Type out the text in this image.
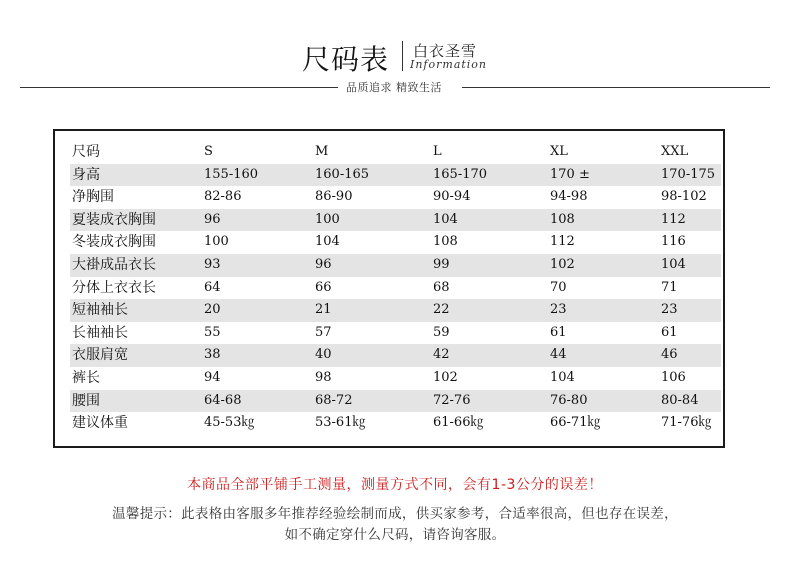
尺码表 白衣圣雪
Information
品质追求 精致生活
尺码	S	M	L	XL	XXL
身高	155-160	160-165	165-170	170 ±	170-175
净胸围	82-86	86-90	90-94	94-98	98-102
夏装成衣胸围	96	100	104	108	112
冬装成衣胸围	100	104	108	112	116
大褂成品衣长	93	96	99	102	104
分体上衣衣长	64	66	68	70	71
短袖袖长	20	21	22	23	23
长袖袖长	55	57	59	61	61
衣服肩宽	38	40	42	44	46
裤长	94	98	102	104	106
腰围	64-68	68-72	72-76	76-80	80-84
建议体重	45-53㎏	53-61㎏	61-66㎏	66-71㎏	71-76㎏
本商品全部平铺手工测量，测量方式不同，会有1-3公分的误差！
温馨提示：此表格由客服多年推荐经验绘制而成，供买家参考，合适率很高，但也存在误差，
如不确定穿什么尺码，请咨询客服。
